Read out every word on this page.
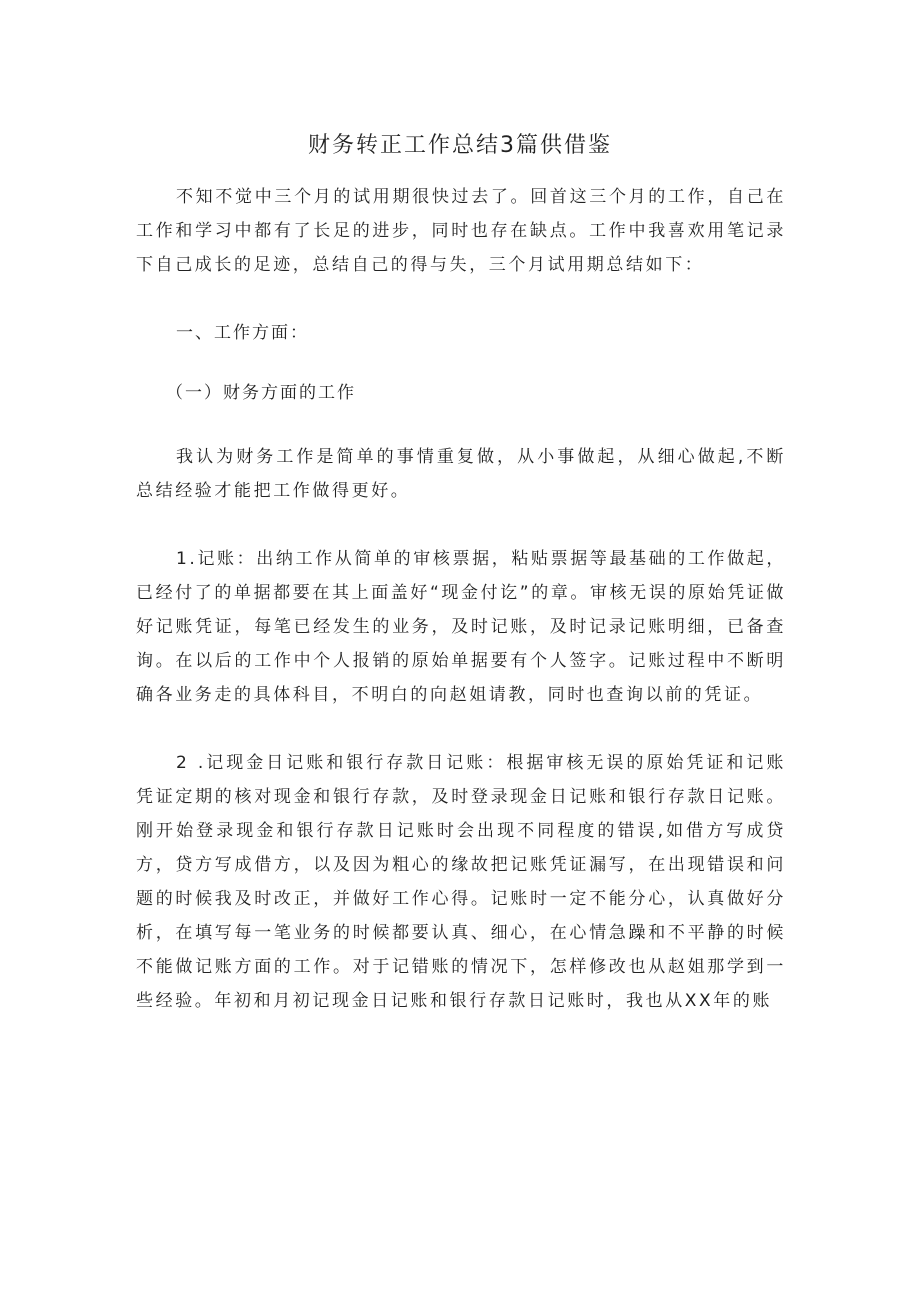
财务转正工作总结3篇供借鉴

不知不觉中三个月的试用期很快过去了。回首这三个月的工作，自己在工作和学习中都有了长足的进步，同时也存在缺点。工作中我喜欢用笔记录下自己成长的足迹，总结自己的得与失，三个月试用期总结如下：

一、工作方面：

（一）财务方面的工作

我认为财务工作是简单的事情重复做，从小事做起，从细心做起,不断总结经验才能把工作做得更好。

1.记账：出纳工作从简单的审核票据，粘贴票据等最基础的工作做起，已经付了的单据都要在其上面盖好“现金付讫”的章。审核无误的原始凭证做好记账凭证，每笔已经发生的业务，及时记账，及时记录记账明细，已备查询。在以后的工作中个人报销的原始单据要有个人签字。记账过程中不断明确各业务走的具体科目，不明白的向赵姐请教，同时也查询以前的凭证。

2 .记现金日记账和银行存款日记账：根据审核无误的原始凭证和记账凭证定期的核对现金和银行存款，及时登录现金日记账和银行存款日记账。刚开始登录现金和银行存款日记账时会出现不同程度的错误,如借方写成贷方，贷方写成借方，以及因为粗心的缘故把记账凭证漏写，在出现错误和问题的时候我及时改正，并做好工作心得。记账时一定不能分心，认真做好分析，在填写每一笔业务的时候都要认真、细心，在心情急躁和不平静的时候不能做记账方面的工作。对于记错账的情况下，怎样修改也从赵姐那学到一些经验。年初和月初记现金日记账和银行存款日记账时，我也从XX年的账
